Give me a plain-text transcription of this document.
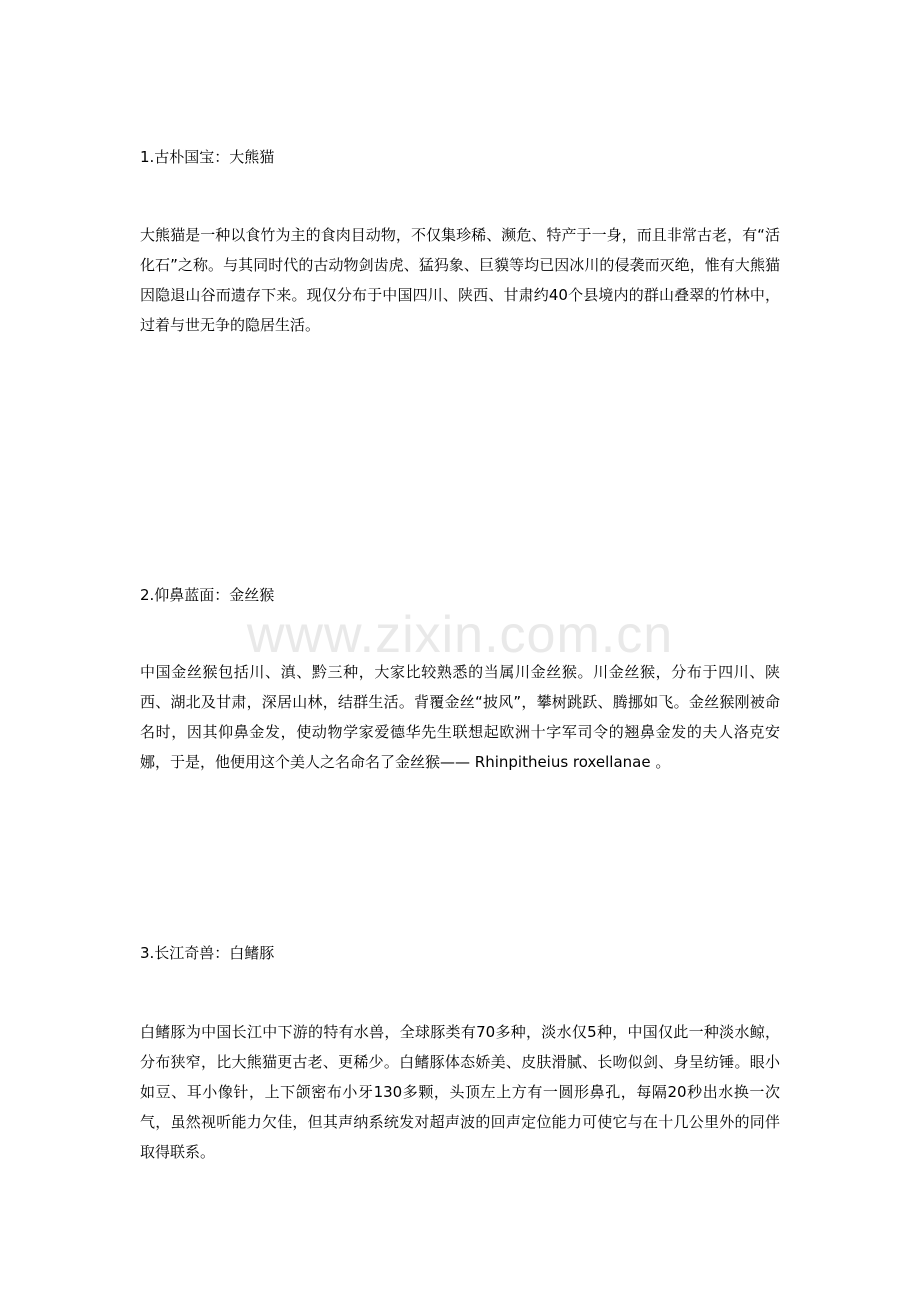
www.zixin.com.cn
1.古朴国宝：大熊猫
大熊猫是一种以食竹为主的食肉目动物，不仅集珍稀、濒危、特产于一身，而且非常古老，有“活化石”之称。与其同时代的古动物剑齿虎、猛犸象、巨貘等均已因冰川的侵袭而灭绝，惟有大熊猫因隐退山谷而遗存下来。现仅分布于中国四川、陕西、甘肃约40个县境内的群山叠翠的竹林中，过着与世无争的隐居生活。
2.仰鼻蓝面：金丝猴
中国金丝猴包括川、滇、黔三种，大家比较熟悉的当属川金丝猴。川金丝猴，分布于四川、陕西、湖北及甘肃，深居山林，结群生活。背覆金丝“披风”，攀树跳跃、腾挪如飞。金丝猴刚被命名时，因其仰鼻金发，使动物学家爱德华先生联想起欧洲十字军司令的翘鼻金发的夫人洛克安娜，于是，他便用这个美人之名命名了金丝猴—— Rhinpitheius roxellanae 。
3.长江奇兽：白鳍豚
白鳍豚为中国长江中下游的特有水兽，全球豚类有70多种，淡水仅5种，中国仅此一种淡水鲸，分布狭窄，比大熊猫更古老、更稀少。白鳍豚体态娇美、皮肤滑腻、长吻似剑、身呈纺锤。眼小如豆、耳小像针，上下颌密布小牙130多颗，头顶左上方有一圆形鼻孔，每隔20秒出水换一次气，虽然视听能力欠佳，但其声纳系统发对超声波的回声定位能力可使它与在十几公里外的同伴取得联系。
